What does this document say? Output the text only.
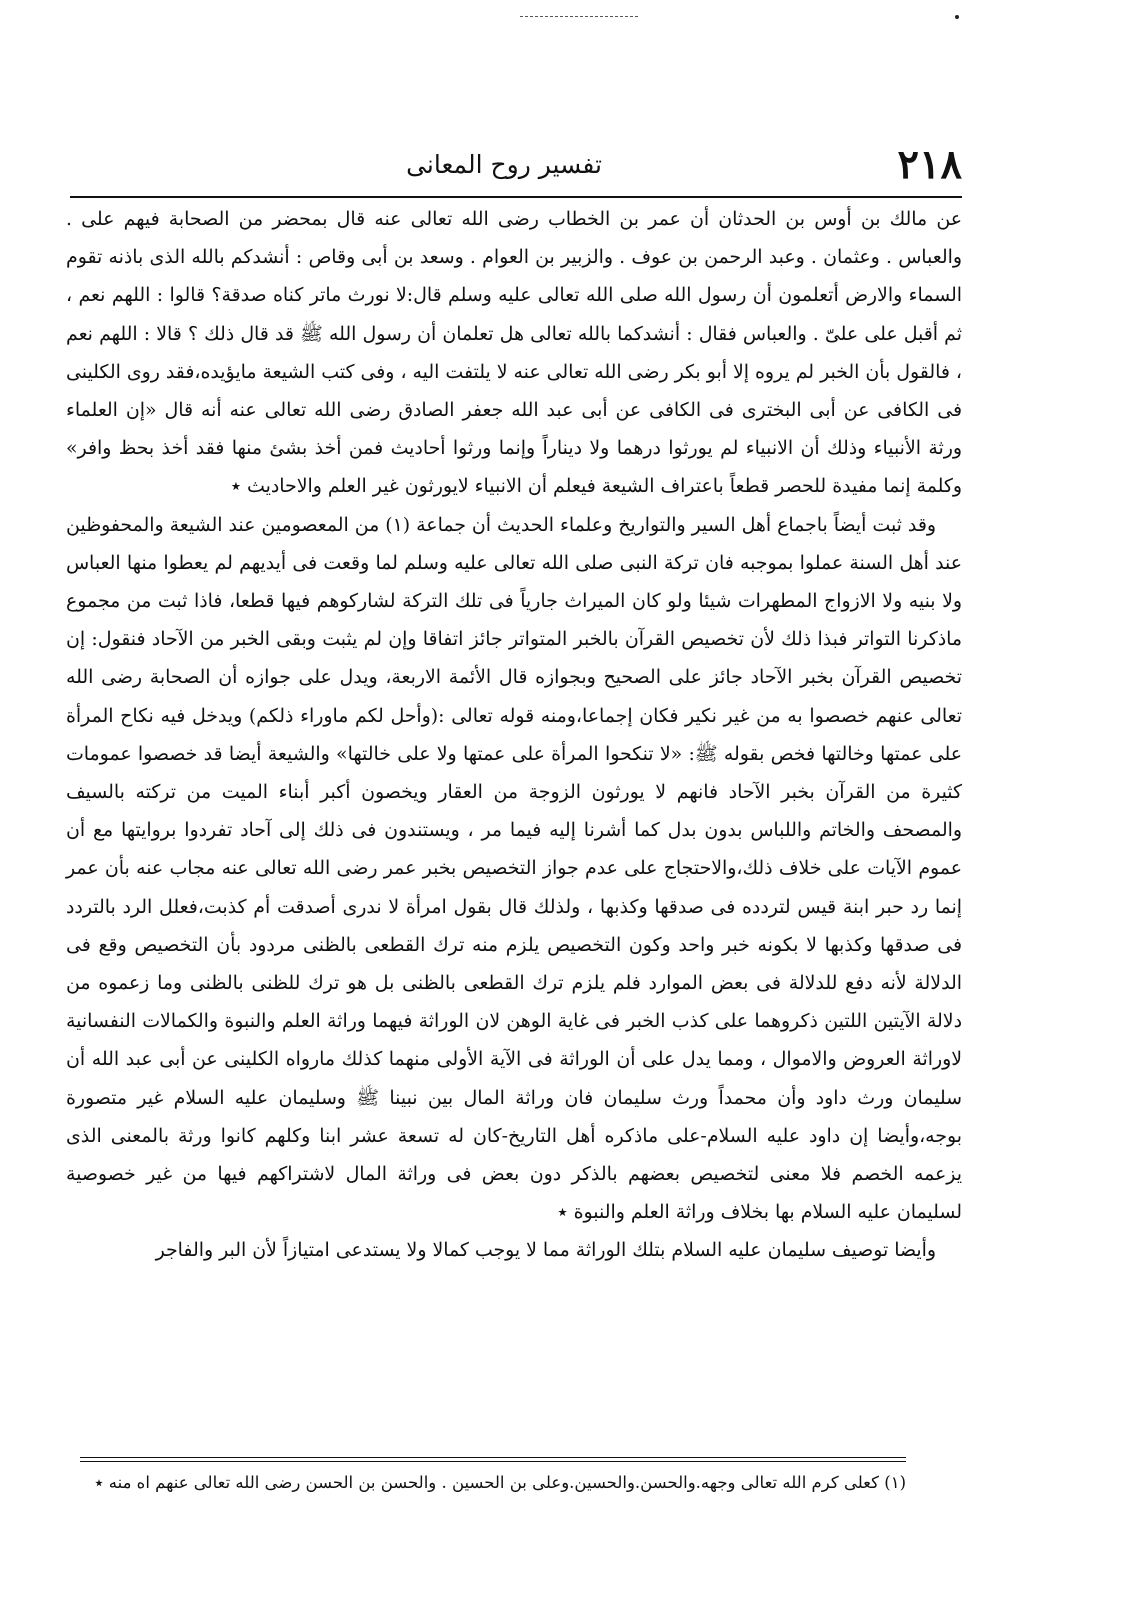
٢١٨
تفسير روح المعانى

عن مالك بن أوس بن الحدثان أن عمر بن الخطاب رضى الله تعالى عنه قال بمحضر من الصحابة فيهم على . والعباس . وعثمان . وعبد الرحمن بن عوف . والزبير بن العوام . وسعد بن أبى وقاص : أنشدكم بالله الذى باذنه تقوم السماء والارض أتعلمون أن رسول الله صلى الله تعالى عليه وسلم قال:لا نورث ماتر كناه صدقة؟ قالوا : اللهم نعم ، ثم أقبل على علىّ . والعباس فقال : أنشدكما بالله تعالى هل تعلمان أن رسول الله ﷺ قد قال ذلك ؟ قالا : اللهم نعم ، فالقول بأن الخبر لم يروه إلا أبو بكر رضى الله تعالى عنه لا يلتفت اليه ، وفى كتب الشيعة مايؤيده،فقد روى الكلينى فى الكافى عن أبى البخترى فى الكافى عن أبى عبد الله جعفر الصادق رضى الله تعالى عنه أنه قال «إن العلماء ورثة الأنبياء وذلك أن الانبياء لم يورثوا درهما ولا ديناراً وإنما ورثوا أحاديث فمن أخذ بشئ منها فقد أخذ بحظ وافر» وكلمة إنما مفيدة للحصر قطعاً باعتراف الشيعة فيعلم أن الانبياء لايورثون غير العلم والاحاديث ٭

وقد ثبت أيضاً باجماع أهل السير والتواريخ وعلماء الحديث أن جماعة (١) من المعصومين عند الشيعة والمحفوظين عند أهل السنة عملوا بموجبه فان تركة النبى صلى الله تعالى عليه وسلم لما وقعت فى أيديهم لم يعطوا منها العباس ولا بنيه ولا الازواج المطهرات شيئا ولو كان الميراث جارياً فى تلك التركة لشاركوهم فيها قطعا، فاذا ثبت من مجموع ماذكرنا التواتر فبذا ذلك لأن تخصيص القرآن بالخبر المتواتر جائز اتفاقا وإن لم يثبت وبقى الخبر من الآحاد فنقول: إن تخصيص القرآن بخبر الآحاد جائز على الصحيح وبجوازه قال الأئمة الاربعة، ويدل على جوازه أن الصحابة رضى الله تعالى عنهم خصصوا به من غير نكير فكان إجماعا،ومنه قوله تعالى :(وأحل لكم ماوراء ذلكم) ويدخل فيه نكاح المرأة على عمتها وخالتها فخص بقوله ﷺ: «لا تنكحوا المرأة على عمتها ولا على خالتها» والشيعة أيضا قد خصصوا عمومات كثيرة من القرآن بخبر الآحاد فانهم لا يورثون الزوجة من العقار ويخصون أكبر أبناء الميت من تركته بالسيف والمصحف والخاتم واللباس بدون بدل كما أشرنا إليه فيما مر ، ويستندون فى ذلك إلى آحاد تفردوا بروايتها مع أن عموم الآيات على خلاف ذلك،والاحتجاج على عدم جواز التخصيص بخبر عمر رضى الله تعالى عنه مجاب عنه بأن عمر إنما رد حبر ابنة قيس لتردده فى صدقها وكذبها ، ولذلك قال بقول امرأة لا ندرى أصدقت أم كذبت،فعلل الرد بالتردد فى صدقها وكذبها لا بكونه خبر واحد وكون التخصيص يلزم منه ترك القطعى بالظنى مردود بأن التخصيص وقع فى الدلالة لأنه دفع للدلالة فى بعض الموارد فلم يلزم ترك القطعى بالظنى بل هو ترك للظنى بالظنى وما زعموه من دلالة الآيتين اللتين ذكروهما على كذب الخبر فى غاية الوهن لان الوراثة فيهما وراثة العلم والنبوة والكمالات النفسانية لاوراثة العروض والاموال ، ومما يدل على أن الوراثة فى الآية الأولى منهما كذلك مارواه الكلينى عن أبى عبد الله أن سليمان ورث داود وأن محمداً ورث سليمان فان وراثة المال بين نبينا ﷺ وسليمان عليه السلام غير متصورة بوجه،وأيضا إن داود عليه السلام-على ماذكره أهل التاريخ-كان له تسعة عشر ابنا وكلهم كانوا ورثة بالمعنى الذى يزعمه الخصم فلا معنى لتخصيص بعضهم بالذكر دون بعض فى وراثة المال لاشتراكهم فيها من غير خصوصية لسليمان عليه السلام بها بخلاف وراثة العلم والنبوة ٭

وأيضا توصيف سليمان عليه السلام بتلك الوراثة مما لا يوجب كمالا ولا يستدعى امتيازاً لأن البر والفاجر

(١) كعلى كرم الله تعالى وجهه.والحسن.والحسين.وعلى بن الحسين . والحسن بن الحسن رضى الله تعالى عنهم اه منه ٭
